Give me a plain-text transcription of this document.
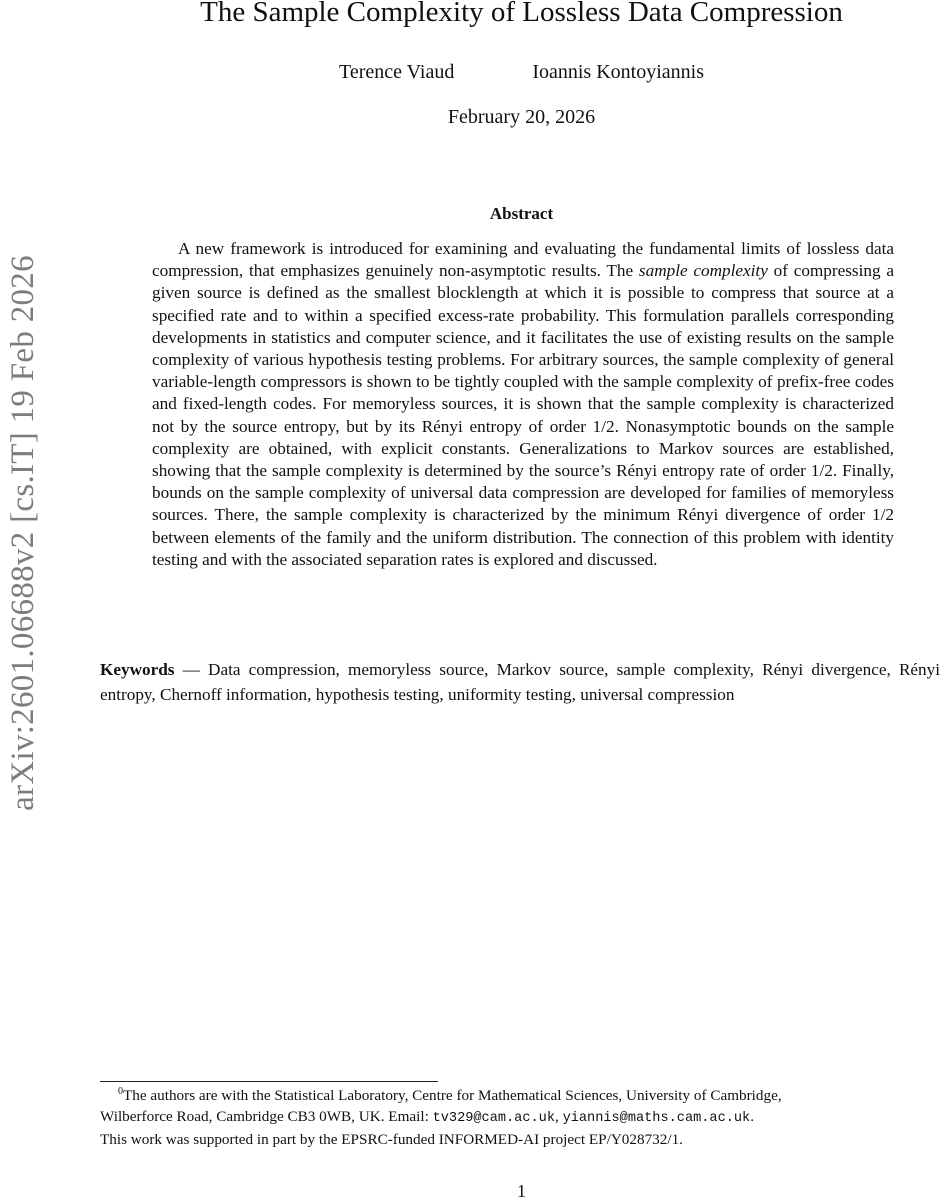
arXiv:2601.06688v2 [cs.IT] 19 Feb 2026
The Sample Complexity of Lossless Data Compression
Terence Viaud	Ioannis Kontoyiannis
February 20, 2026
Abstract
A new framework is introduced for examining and evaluating the fundamental limits of lossless data compression, that emphasizes genuinely non-asymptotic results. The sample complexity of compressing a given source is defined as the smallest blocklength at which it is possible to compress that source at a specified rate and to within a specified excess-rate probability. This formulation parallels corresponding developments in statistics and computer science, and it facilitates the use of existing results on the sample complexity of various hypothesis testing problems. For arbitrary sources, the sample complexity of general variable-length compressors is shown to be tightly coupled with the sample complexity of prefix-free codes and fixed-length codes. For memoryless sources, it is shown that the sample complexity is characterized not by the source entropy, but by its Rényi entropy of order 1/2. Nonasymptotic bounds on the sample complexity are obtained, with explicit constants. Generalizations to Markov sources are established, showing that the sample complexity is determined by the source’s Rényi entropy rate of order 1/2. Finally, bounds on the sample complexity of universal data compression are developed for families of memoryless sources. There, the sample complexity is characterized by the minimum Rényi divergence of order 1/2 between elements of the family and the uniform distribution. The connection of this problem with identity testing and with the associated separation rates is explored and discussed.
Keywords — Data compression, memoryless source, Markov source, sample complexity, Rényi divergence, Rényi entropy, Chernoff information, hypothesis testing, uniformity testing, universal compression
$^0$The authors are with the Statistical Laboratory, Centre for Mathematical Sciences, University of Cambridge,
Wilberforce Road, Cambridge CB3 0WB, UK. Email: tv329@cam.ac.uk, yiannis@maths.cam.ac.uk.
This work was supported in part by the EPSRC-funded INFORMED-AI project EP/Y028732/1.
1
